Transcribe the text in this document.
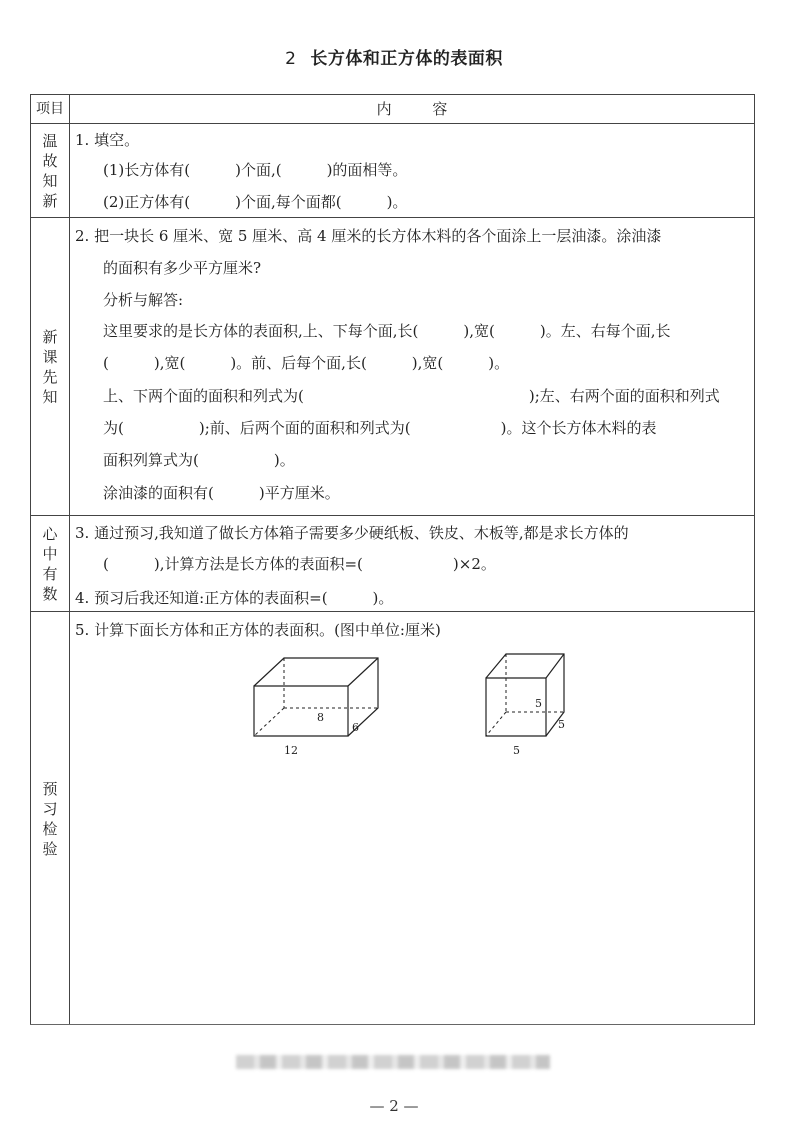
2 长方体和正方体的表面积
项目	内 容
温故知新
新课先知
心中有数
预习检验
1. 填空。
(1)长方体有(　　　)个面,(　　　)的面相等。
(2)正方体有(　　　)个面,每个面都(　　　)。
2. 把一块长 6 厘米、宽 5 厘米、高 4 厘米的长方体木料的各个面涂上一层油漆。涂油漆
的面积有多少平方厘米?
分析与解答:
这里要求的是长方体的表面积,上、下每个面,长(　　　),宽(　　　)。左、右每个面,长
(　　　),宽(　　　)。前、后每个面,长(　　　),宽(　　　)。
上、下两个面的面积和列式为(　　　　　　　　　　　　　　　);左、右两个面的面积和列式
为(　　　　　);前、后两个面的面积和列式为(　　　　　　)。这个长方体木料的表
面积列算式为(　　　　　)。
涂油漆的面积有(　　　)平方厘米。
3. 通过预习,我知道了做长方体箱子需要多少硬纸板、铁皮、木板等,都是求长方体的
(　　　),计算方法是长方体的表面积=(　　　　　　)×2。
4. 预习后我还知道:正方体的表面积=(　　　)。
5. 计算下面长方体和正方体的表面积。(图中单位:厘米)
8
6
12
5
5
5
— 2 —
